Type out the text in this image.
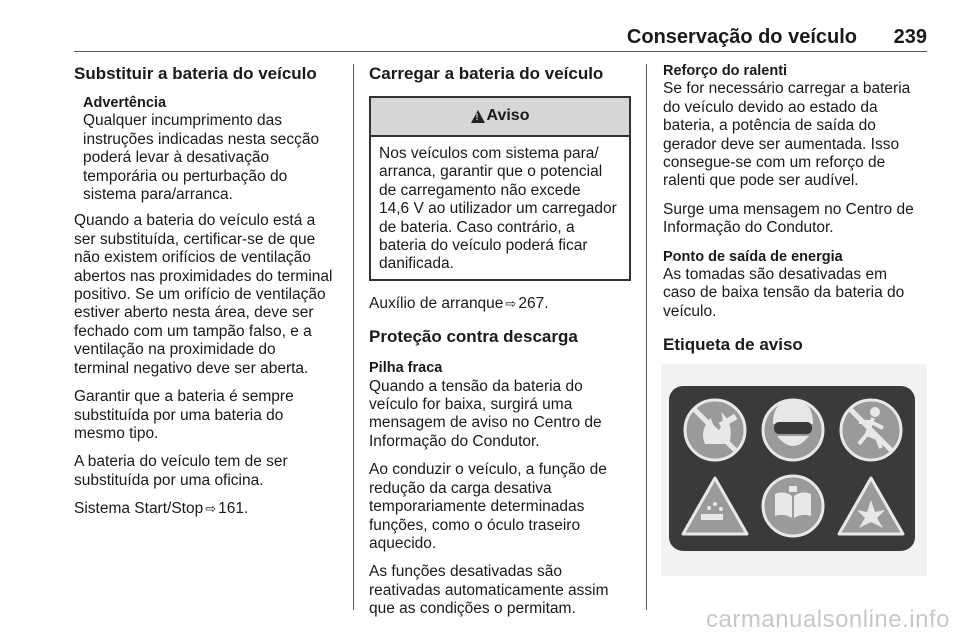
Conservação do veículo 239
Substituir a bateria do veículo
Advertência
Qualquer incumprimento das
instruções indicadas nesta secção
poderá levar à desativação
temporária ou perturbação do
sistema para/arranca.

Quando a bateria do veículo está a
ser substituída, certificar-se de que
não existem orifícios de ventilação
abertos nas proximidades do terminal
positivo. Se um orifício de ventilação
estiver aberto nesta área, deve ser
fechado com um tampão falso, e a
ventilação na proximidade do
terminal negativo deve ser aberta.

Garantir que a bateria é sempre
substituída por uma bateria do
mesmo tipo.

A bateria do veículo tem de ser
substituída por uma oficina.

Sistema Start/Stop ⇨ 161.

Carregar a bateria do veículo
! Aviso
Nos veículos com sistema para/
arranca, garantir que o potencial
de carregamento não excede
14,6 V ao utilizador um carregador
de bateria. Caso contrário, a
bateria do veículo poderá ficar
danificada.

Auxílio de arranque ⇨ 267.

Proteção contra descarga
Pilha fraca

Quando a tensão da bateria do
veículo for baixa, surgirá uma
mensagem de aviso no Centro de
Informação do Condutor.

Ao conduzir o veículo, a função de
redução da carga desativa
temporariamente determinadas
funções, como o óculo traseiro
aquecido.

As funções desativadas são
reativadas automaticamente assim
que as condições o permitam.

Reforço do ralenti

Se for necessário carregar a bateria
do veículo devido ao estado da
bateria, a potência de saída do
gerador deve ser aumentada. Isso
consegue-se com um reforço de
ralenti que pode ser audível.

Surge uma mensagem no Centro de
Informação do Condutor.

Ponto de saída de energia

As tomadas são desativadas em
caso de baixa tensão da bateria do
veículo.

Etiqueta de aviso
carmanualsonline.info
